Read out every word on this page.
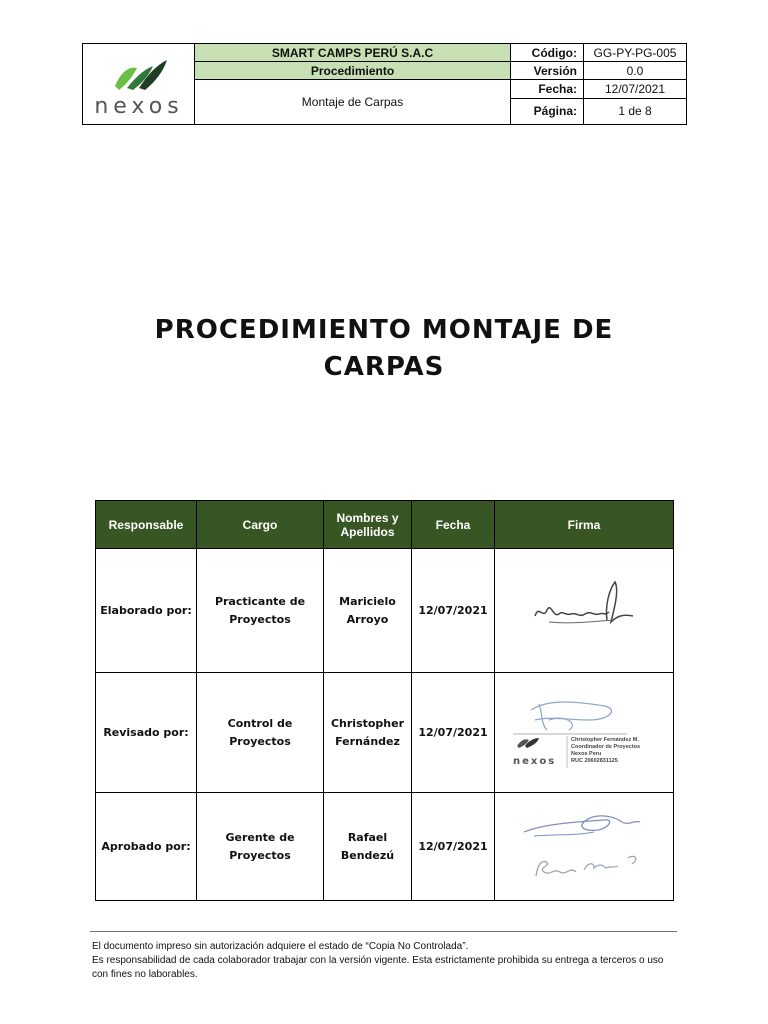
nexos	SMART CAMPS PERÚ S.A.C	Código:	GG-PY-PG-005
	Procedimiento	Versión	0.0
	Montaje de Carpas	Fecha:	12/07/2021
		Página:	1 de 8
PROCEDIMIENTO MONTAJE DE
CARPAS
Responsable	Cargo	Nombres y Apellidos	Fecha	Firma
Elaborado por:	Practicante de Proyectos	Maricielo Arroyo	12/07/2021	
Revisado por:	Control de Proyectos	Christopher Fernández	12/07/2021	nexos
Christopher Fernández M.
Coordinador de Proyectos
Nexos Peru
RUC 20602831125

Aprobado por:	Gerente de Proyectos	Rafael Bendezú	12/07/2021	
El documento impreso sin autorización adquiere el estado de “Copia No Controlada”.
Es responsabilidad de cada colaborador trabajar con la versión vigente. Esta estrictamente prohibida su entrega a terceros o uso con fines no laborables.
